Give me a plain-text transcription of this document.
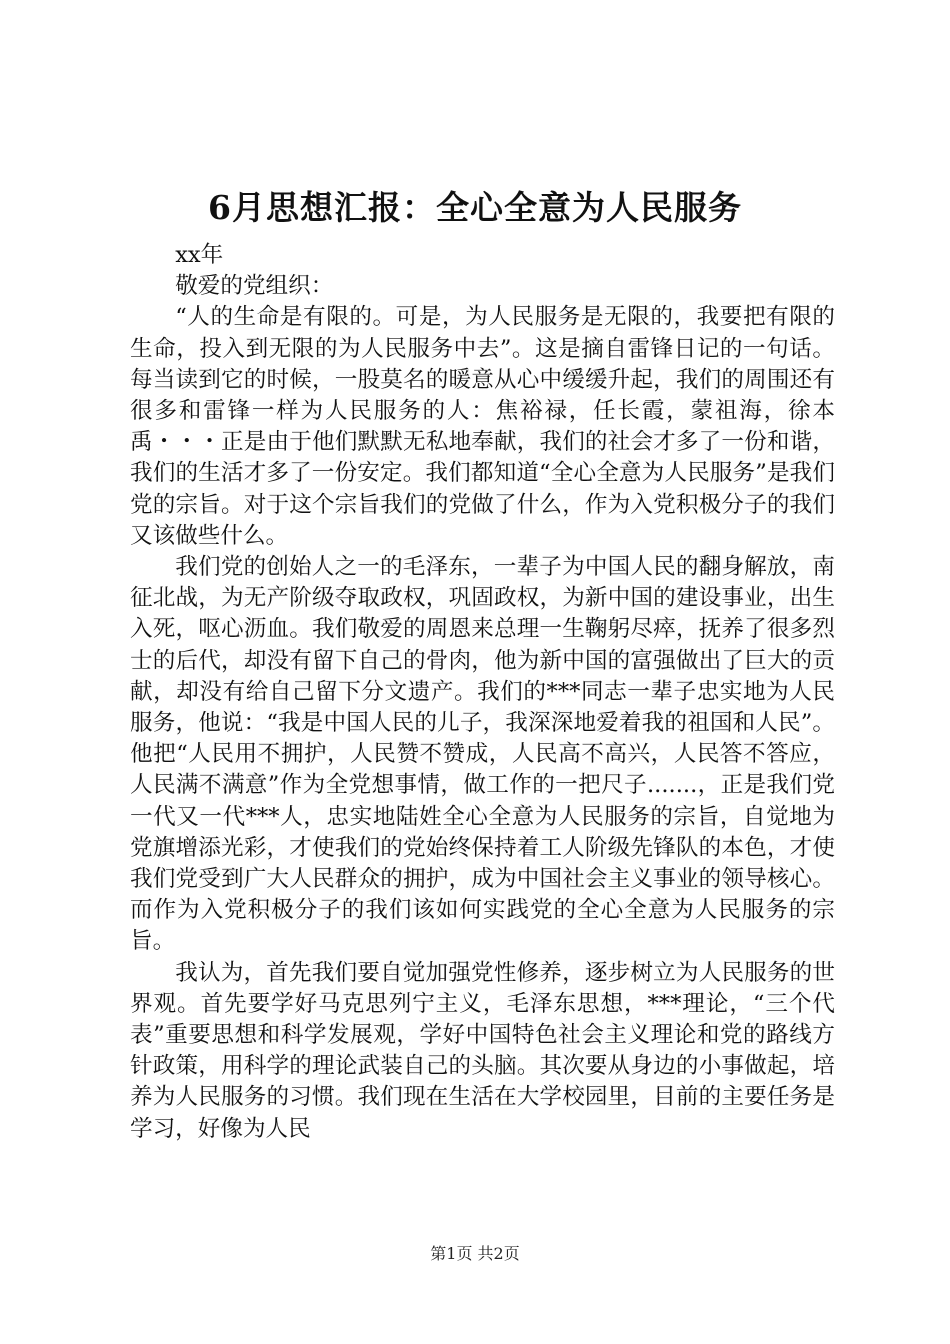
6月思想汇报：全心全意为人民服务

xx年

敬爱的党组织：

“人的生命是有限的。可是，为人民服务是无限的，我要把有限的生命，投入到无限的为人民服务中去”。这是摘自雷锋日记的一句话。每当读到它的时候，一股莫名的暖意从心中缓缓升起，我们的周围还有很多和雷锋一样为人民服务的人：焦裕禄，任长霞，蒙祖海，徐本禹・・・正是由于他们默默无私地奉献，我们的社会才多了一份和谐，我们的生活才多了一份安定。我们都知道“全心全意为人民服务”是我们党的宗旨。对于这个宗旨我们的党做了什么，作为入党积极分子的我们又该做些什么。

我们党的创始人之一的毛泽东，一辈子为中国人民的翻身解放，南征北战，为无产阶级夺取政权，巩固政权，为新中国的建设事业，出生入死，呕心沥血。我们敬爱的周恩来总理一生鞠躬尽瘁，抚养了很多烈士的后代，却没有留下自己的骨肉，他为新中国的富强做出了巨大的贡献，却没有给自己留下分文遗产。我们的***同志一辈子忠实地为人民服务，他说：“我是中国人民的儿子，我深深地爱着我的祖国和人民”。他把“人民用不拥护，人民赞不赞成，人民高不高兴，人民答不答应，人民满不满意”作为全党想事情，做工作的一把尺子.......，正是我们党一代又一代***人，忠实地陆姓全心全意为人民服务的宗旨，自觉地为党旗增添光彩，才使我们的党始终保持着工人阶级先锋队的本色，才使我们党受到广大人民群众的拥护，成为中国社会主义事业的领导核心。而作为入党积极分子的我们该如何实践党的全心全意为人民服务的宗旨。

我认为，首先我们要自觉加强党性修养，逐步树立为人民服务的世界观。首先要学好马克思列宁主义，毛泽东思想，***理论，“三个代表”重要思想和科学发展观，学好中国特色社会主义理论和党的路线方针政策，用科学的理论武装自己的头脑。其次要从身边的小事做起，培养为人民服务的习惯。我们现在生活在大学校园里，目前的主要任务是学习，好像为人民

第1页 共2页
